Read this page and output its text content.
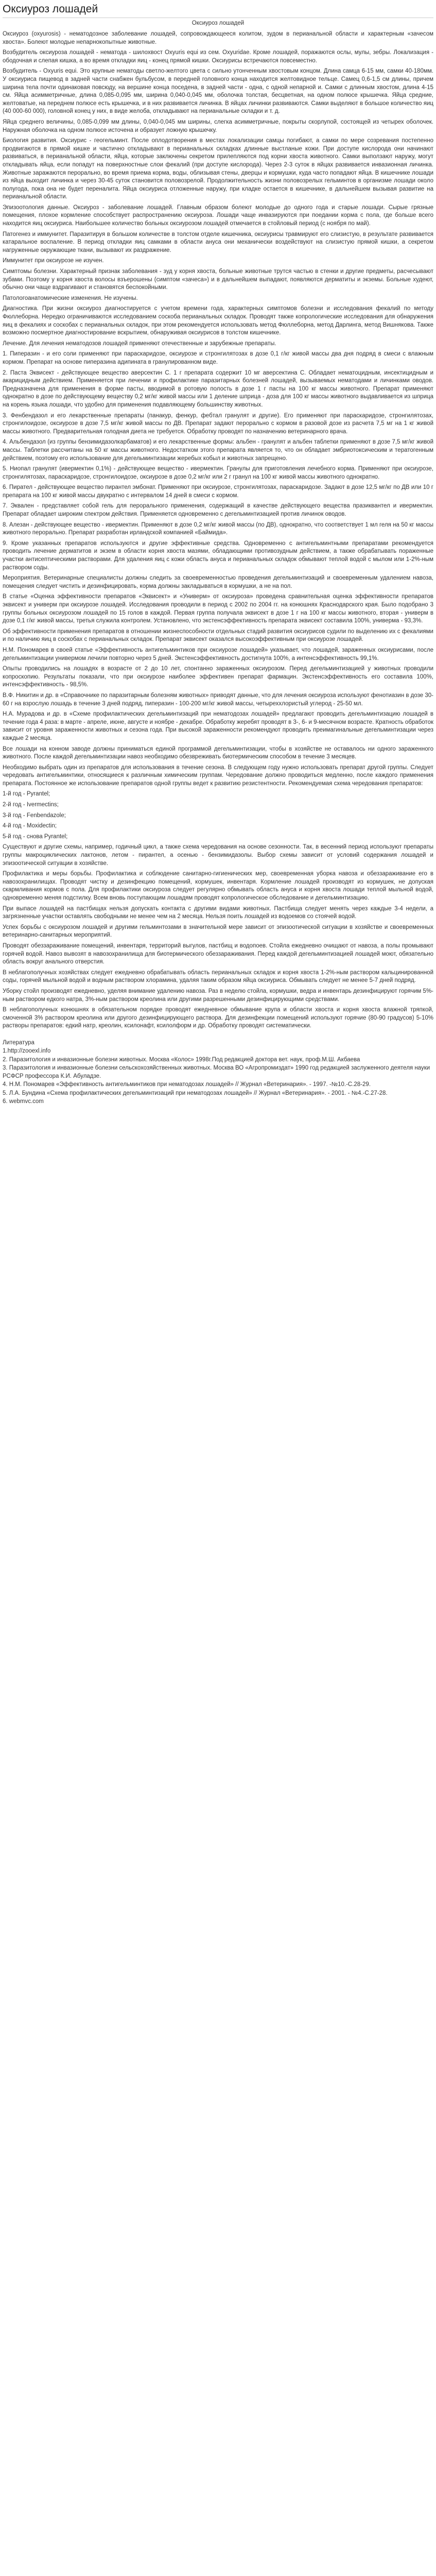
Оксиуроз лошадей
Оксиуроз лошадей

Оксиуроз (oxyurosis) - нематодозное заболевание лошадей, сопровождающееся колитом, зудом в перианальной области и характерным «зачесом хвоста». Болеют молодые непарнокопытные животные.

Возбудитель оксиуроза лошадей - нематода - шилохвост Oxyuris equi из сем. Oxyuridae. Кроме лошадей, поражаются ослы, мулы, зебры. Локализация - ободочная и слепая кишка, а во время откладки яиц - конец прямой кишки. Оксиурисы встречаются повсеместно.

Возбудитель - Oxyuris equi. Это крупные нематоды светло-желтого цвета с сильно утонченным хвостовым концом. Длина самца 6-15 мм, самки 40-180мм. У оксиуриса пищевод в задней части снабжен бульбусом, в передней головного конца находится желтовидное тельце. Самец 0,6-1,5 см длины, причем ширина тела почти одинаковая повсюду, на вершине конца поседена, в задней части - одна, с одной непарной и. Самки с длинным хвостом, длина 4-15 см. Яйца асимметричные, длина 0,085-0,095 мм, ширина 0,040-0,045 мм, оболочка толстая, бесцветная, на одном полюсе крышечка. Яйца средние, желтоватые, на переднем полюсе есть крышечка, и в них развивается личинка. В яйцах личинки развиваются. Самки выделяют в большое количество яиц (40 000-60 000), головной конец у них, в виде желоба, откладывают на перианальные складки и т. д.

Яйца среднего величины, 0,085-0,099 мм длины, 0,040-0,045 мм ширины, слегка асимметричные, покрыты скорлупой, состоящей из четырех оболочек. Наружная оболочка на одном полюсе источена и образует ложную крышечку.

Биология развития. Оксиурис - геогельминт. После оплодотворения в местах локализации самцы погибают, а самки по мере созревания постепенно продвигаются в прямой кишке и частично откладывают в перианальных складках длинные выстланые кожи. При доступе кислорода они начинают развиваться, в перианальной области, яйца, которые заключены секретом прилепляются под корни хвоста животного. Самки выползают наружу, могут откладывать яйца, если попадут на поверхностные слои фекалий (при доступе кислорода). Через 2-3 суток в яйцах развивается инвазионная личинка. Животные заражаются перорально, во время приема корма, воды, облизывая стены, дверцы и кормушки, куда часто попадают яйца. В кишечнике лошади из яйца выходит личинка и через 30-45 суток становится половозрелой. Продолжительность жизни половозрелых гельминтов в организме лошади около полугода, пока она не будет переналита. Яйца оксиуриса отложенные наружу, при кладке остается в кишечнике, в дальнейшем вызывая развитие на перианальной области.

Эпизоотология данные. Оксиуроз - заболевание лошадей. Главным образом болеют молодые до одного года и старые лошади. Сырые грязные помещения, плохое кормление способствует распространению оксиуроза. Лошади чаще инвазируются при поедании корма с пола, где больше всего находится яиц оксиуриса. Наибольшее количество больных оксиурозом лошадей отмечается в стойловый период (с ноября по май).

Патогенез и иммунитет. Паразитируя в большом количестве в толстом отделе кишечника, оксиурисы травмируют его слизистую, в результате развивается катаральное воспаление. В период откладки яиц самками в области ануса они механически воздействуют на слизистую прямой кишки, а секретом нагруженные окружающие ткани, вызывают их раздражение.

Иммунитет при оксиурозе не изучен.

Симптомы болезни. Характерный признак заболевания - зуд у корня хвоста, больные животные трутся частью в стенки и другие предметы, расчесывают зубами. Поэтому у корня хвоста волосы взъерошены (симптом «зачеса») и в дальнейшем выпадают, появляются дерматиты и экземы. Больные худеют, обычно они чаще вздрагивают и становятся беспокойными.

Патологоанатомические изменения. Не изучены.

Диагностика. При жизни оксиуроз диагностируется с учетом времени года, характерных симптомов болезни и исследования фекалий по методу Фюллеборна. Нередко ограничиваются исследованием соскоба перианальных складок. Проводят также копрологические исследования для обнаружения яиц в фекалиях и соскобах с перианальных складок, при этом рекомендуется использовать метод Фюллеборна, метод Дарлинга, метод Вишнякова. Также возможно посмертное диагностирование вскрытием, обнаруживая оксиурисов в толстом кишечнике.

Лечение. Для лечения нематодозов лошадей применяют отечественные и зарубежные препараты.

1. Пиперазин - и его соли применяют при параскаридозе, оксиурозе и стронгилятозах в дозе 0,1 г/кг живой массы два дня подряд в смеси с влажным кормом. Препарат на основе пиперазина адипината в гранулированном виде.

2. Паста Эквисект - действующее вещество аверсектин С. 1 г препарата содержит 10 мг аверсектина С. Обладает нематоцидным, инсектицидным и акарицидным действием. Применяется при лечении и профилактике паразитарных болезней лошадей, вызываемых нематодами и личинками оводов. Предназначена для применения в форме пасты, вводимой в ротовую полость в дозе 1 г пасты на 100 кг массы животного. Препарат применяют однократно в дозе по действующему веществу 0,2 мг/кг живой массы или 1 деление шприца - доза для 100 кг массы животного выдавливается из шприца на корень языка лошади, что удобно для применения подавляющему большинству животных.

3. Фенбендазол и его лекарственные препараты (панакур, фенкур, фебтал гранулят и другие). Его применяют при параскаридозе, стронгилятозах, стронгилоидозе, оксиурозе в дозе 7,5 мг/кг живой массы по ДВ. Препарат задают перорально с кормом в разовой дозе из расчета 7,5 мг на 1 кг живой массы животного. Предварительная голодная диета не требуется. Обработку проводят по назначению ветеринарного врача.

4. Альбендазол (из группы бензимидазолкарбаматов) и его лекарственные формы: альбен - гранулят и альбен таблетки применяют в дозе 7,5 мг/кг живой массы. Таблетки рассчитаны на 50 кг массы животного. Недостатком этого препарата является то, что он обладает эмбриотоксическим и тератогенным действием, поэтому его использование для дегельминтизации жеребых кобыл и животных запрещено.

5. Ниопал гранулят (ивермектин 0,1%) - действующее вещество - ивермектин. Гранулы для приготовления лечебного корма. Применяют при оксиурозе, стронгилятозах, параскаридозе, стронгилоидозе, оксиурозе в дозе 0,2 мг/кг или 2 г гранул на 100 кг живой массы животного однократно.

6. Пирател - действующее вещество пирантел эмбонат. Применяют при оксиурозе, стронгилятозах, параскаридозе. Задают в дозе 12,5 мг/кг по ДВ или 10 г препарата на 100 кг живой массы двукратно с интервалом 14 дней в смеси с кормом.

7. Эквален - представляет собой гель для перорального применения, содержащий в качестве действующего вещества празиквантел и ивермектин. Препарат обладает широким спектром действия. Применяется одновременно с дегельминтизацией против личинок оводов.

8. Алезан - действующее вещество - ивермектин. Применяют в дозе 0,2 мг/кг живой массы (по ДВ), однократно, что соответствует 1 мл геля на 50 кг массы животного перорально. Препарат разработан ирландской компанией «Баймида».

9. Кроме указанных препаратов используются и другие эффективные средства. Одновременно с антигельминтными препаратами рекомендуется проводить лечение дерматитов и экзем в области корня хвоста мазями, обладающими противозудным действием, а также обрабатывать пораженные участки антисептическими растворами. Для удаления яиц с кожи область ануса и перианальных складок обмывают теплой водой с мылом или 1-2%-ным раствором соды.

Мероприятия. Ветеринарные специалисты должны следить за своевременностью проведения дегельминтизаций и своевременным удалением навоза, помещения следует чистить и дезинфицировать, корма должны закладываться в кормушки, а не на пол.

В статье «Оценка эффективности препаратов «Эквисект» и «Универм» от оксиуроза» проведена сравнительная оценка эффективности препаратов эквисект и универм при оксиурозе лошадей. Исследования проводили в период с 2002 по 2004 гг. на конюшнях Краснодарского края. Было подобрано 3 группы больных оксиурозом лошадей по 15 голов в каждой. Первая группа получала эквисект в дозе 1 г на 100 кг массы животного, вторая - универм в дозе 0,1 г/кг живой массы, третья служила контролем. Установлено, что экстенсэффективность препарата эквисект составила 100%, универма - 93,3%.

Об эффективности применения препаратов в отношении жизнеспособности отдельных стадий развития оксиурисов судили по выделению их с фекалиями и по наличию яиц в соскобах с перианальных складок. Препарат эквисект оказался высокоэффективным при оксиурозе лошадей.

Н.М. Пономарев в своей статье «Эффективность антигельминтиков при оксиурозе лошадей» указывает, что лошадей, зараженных оксиурисами, после дегельминтизации универмом лечили повторно через 5 дней. Экстенсэффективность достигнута 100%, а интенсэффективность 99,1%.

Опыты проводились на лошадях в возрасте от 2 до 10 лет, спонтанно зараженных оксиурозом. Перед дегельминтизацией у животных проводили копроскопию. Результаты показали, что при оксиурозе наиболее эффективен препарат фармацин. Экстенсэффективность его составила 100%, интенсэффективность - 98,5%.

В.Ф. Никитин и др. в «Справочнике по паразитарным болезням животных» приводят данные, что для лечения оксиуроза используют фенотиазин в дозе 30-60 г на взрослую лошадь в течение 3 дней подряд, пиперазин - 100-200 мг/кг живой массы, четыреххлористый углерод - 25-50 мл.

Н.А. Мурадова и др. в «Схеме профилактических дегельминтизаций при нематодозах лошадей» предлагают проводить дегельминтизацию лошадей в течение года 4 раза: в марте - апреле, июне, августе и ноябре - декабре. Обработку жеребят проводят в 3-, 6- и 9-месячном возрасте. Кратность обработок зависит от уровня зараженности животных и сезона года. При высокой зараженности рекомендуют проводить преимагинальные дегельминтизации через каждые 2 месяца.

Все лошади на конном заводе должны приниматься единой программой дегельминтизации, чтобы в хозяйстве не оставалось ни одного зараженного животного. После каждой дегельминтизации навоз необходимо обезвреживать биотермическим способом в течение 3 месяцев.

Необходимо выбрать один из препаратов для использования в течение сезона. В следующем году нужно использовать препарат другой группы. Следует чередовать антигельминтики, относящиеся к различным химическим группам. Чередование должно проводиться медленно, после каждого применения препарата. Постоянное же использование препаратов одной группы ведет к развитию резистентности. Рекомендуемая схема чередования препаратов:

1-й год - Pyrantel;

2-й год - Ivermectins;

3-й год - Fenbendazole;

4-й год - Moxidectin;

5-й год - снова Pyrantel;

Существуют и другие схемы, например, годичный цикл, а также схема чередования на основе сезонности. Так, в весенний период используют препараты группы макроциклических лактонов, летом - пирантел, а осенью - бензимидазолы. Выбор схемы зависит от условий содержания лошадей и эпизоотической ситуации в хозяйстве.

Профилактика и меры борьбы. Профилактика и соблюдение санитарно-гигиенических мер, своевременная уборка навоза и обеззараживание его в навозохранилищах. Проводят чистку и дезинфекцию помещений, кормушек, инвентаря. Кормление лошадей производят из кормушек, не допуская скармливания кормов с пола. Для профилактики оксиуроза следует регулярно обмывать область ануса и корня хвоста лошади теплой мыльной водой, одновременно меняя подстилку. Всем вновь поступающим лошадям проводят копрологическое обследование и дегельминтизацию.

При выпасе лошадей на пастбищах нельзя допускать контакта с другими видами животных. Пастбища следует менять через каждые 3-4 недели, а загрязненные участки оставлять свободными не менее чем на 2 месяца. Нельзя поить лошадей из водоемов со стоячей водой.

Успех борьбы с оксиурозом лошадей и другими гельминтозами в значительной мере зависит от эпизоотической ситуации в хозяйстве и своевременных ветеринарно-санитарных мероприятий.

Проводят обеззараживание помещений, инвентаря, территорий выгулов, пастбищ и водопоев. Стойла ежедневно очищают от навоза, а полы промывают горячей водой. Навоз вывозят в навозохранилища для биотермического обеззараживания. Перед каждой дегельминтизацией лошадей моют, обязательно область вокруг анального отверстия.

В неблагополучных хозяйствах следует ежедневно обрабатывать область перианальных складок и корня хвоста 1-2%-ным раствором кальцинированной соды, горячей мыльной водой и водным раствором хлорамина, удаляя таким образом яйца оксиуриса. Обмывать следует не менее 5-7 дней подряд.

Уборку стойл производят ежедневно, уделяя внимание удалению навоза. Раз в неделю стойла, кормушки, ведра и инвентарь дезинфицируют горячим 5%-ным раствором едкого натра, 3%-ным раствором креолина или другими разрешенными дезинфицирующими средствами.

В неблагополучных конюшнях в обязательном порядке проводят ежедневное обмывание крупа и области хвоста и корня хвоста влажной тряпкой, смоченной 3% раствором креолина или другого дезинфицирующего раствора. Для дезинфекции помещений используют горячие (80-90 градусов) 5-10% растворы препаратов: едкий натр, креолин, ксилонафт, ксилолформ и др. Обработку проводят систематически.

Литература

1.http://zooexl.info

2. Паразитология и инвазионные болезни животных. Москва «Колос» 1998г.Под редакцией доктора вет. наук, проф.М.Ш. Акбаева

3. Паразитология и инвазионные болезни сельскохозяйственных животных. Москва ВО «Агропромиздат» 1990 год редакцией заслуженного деятеля науки РСФСР профессора К.И. Абуладзе.

4. Н.М. Пономарев «Эффективность антигельминтиков при нематодозах лошадей» // Журнал «Ветеринария». - 1997. -№10.-С.28-29.

5. Л.А. Бундина «Схема профилактических дегельминтизаций при нематодозах лошадей» // Журнал «Ветеринария». - 2001. - №4.-С.27-28.

6. webmvc.com
